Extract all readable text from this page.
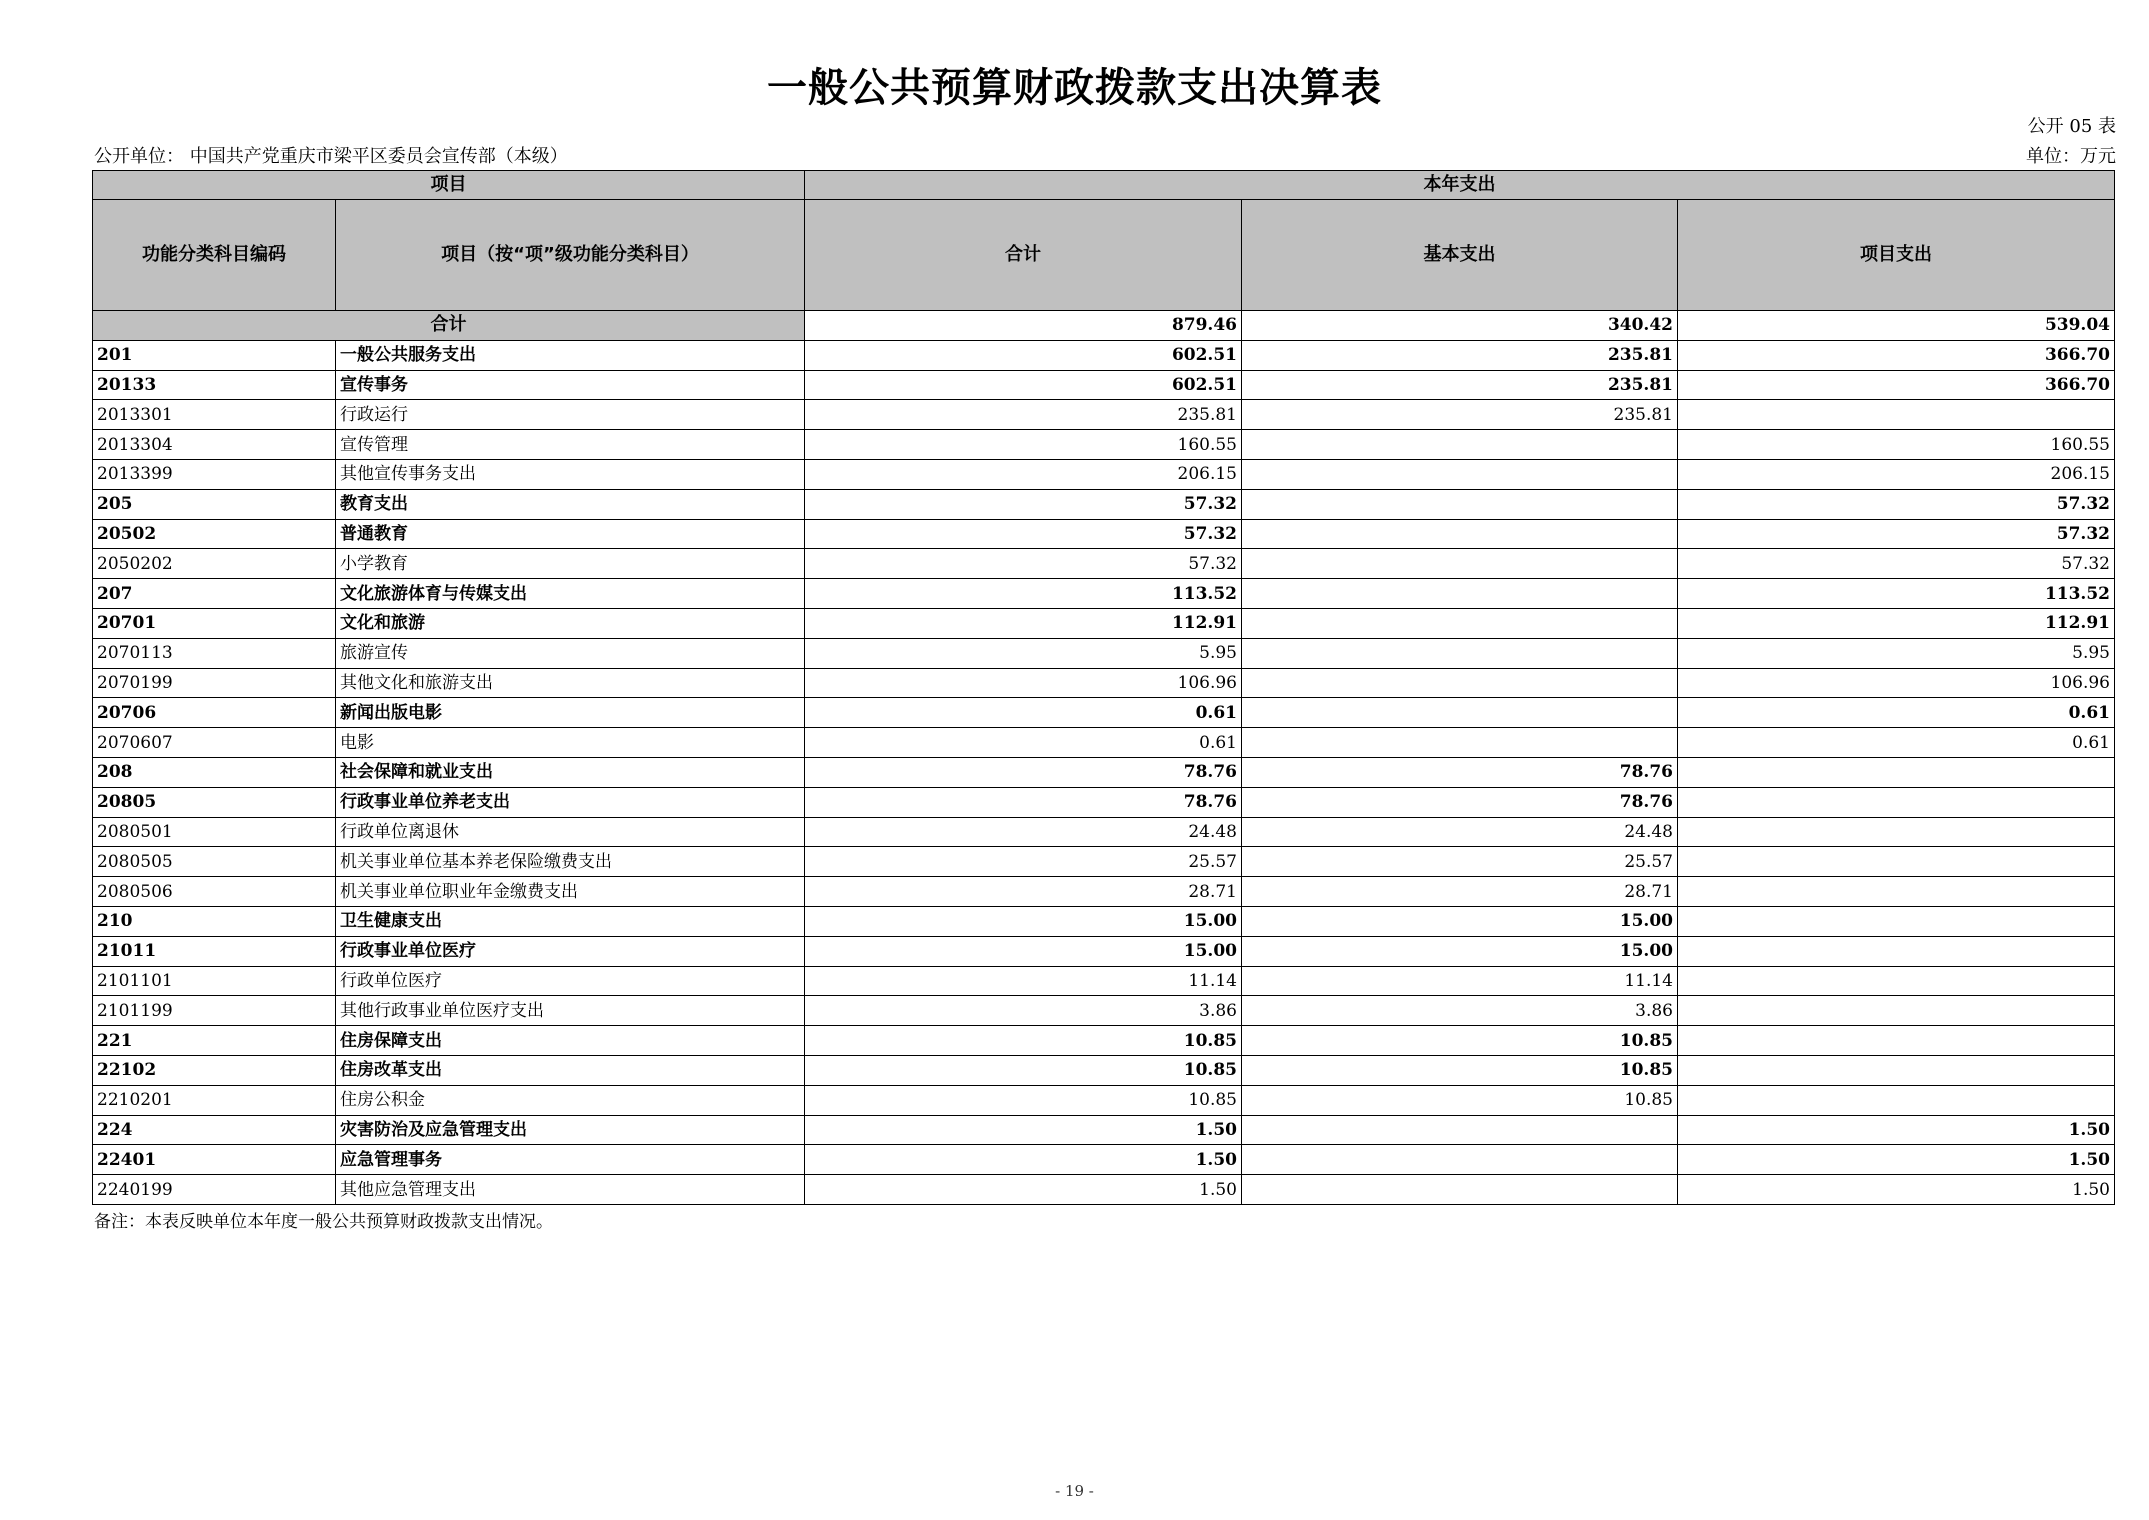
一般公共预算财政拨款支出决算表
公开 05 表
公开单位： 中国共产党重庆市梁平区委员会宣传部（本级）	单位：万元
项目		本年支出		
功能分类科目编码	项目（按“项”级功能分类科目）	合计	基本支出	项目支出
合计		879.46	340.42	539.04
201	一般公共服务支出	602.51	235.81	366.70
20133	宣传事务	602.51	235.81	366.70
2013301	行政运行	235.81	235.81	
2013304	宣传管理	160.55		160.55
2013399	其他宣传事务支出	206.15		206.15
205	教育支出	57.32		57.32
20502	普通教育	57.32		57.32
2050202	小学教育	57.32		57.32
207	文化旅游体育与传媒支出	113.52		113.52
20701	文化和旅游	112.91		112.91
2070113	旅游宣传	5.95		5.95
2070199	其他文化和旅游支出	106.96		106.96
20706	新闻出版电影	0.61		0.61
2070607	电影	0.61		0.61
208	社会保障和就业支出	78.76	78.76	
20805	行政事业单位养老支出	78.76	78.76	
2080501	行政单位离退休	24.48	24.48	
2080505	机关事业单位基本养老保险缴费支出	25.57	25.57	
2080506	机关事业单位职业年金缴费支出	28.71	28.71	
210	卫生健康支出	15.00	15.00	
21011	行政事业单位医疗	15.00	15.00	
2101101	行政单位医疗	11.14	11.14	
2101199	其他行政事业单位医疗支出	3.86	3.86	
221	住房保障支出	10.85	10.85	
22102	住房改革支出	10.85	10.85	
2210201	住房公积金	10.85	10.85	
224	灾害防治及应急管理支出	1.50		1.50
22401	应急管理事务	1.50		1.50
2240199	其他应急管理支出	1.50		1.50
备注：本表反映单位本年度一般公共预算财政拨款支出情况。
- 19 -
